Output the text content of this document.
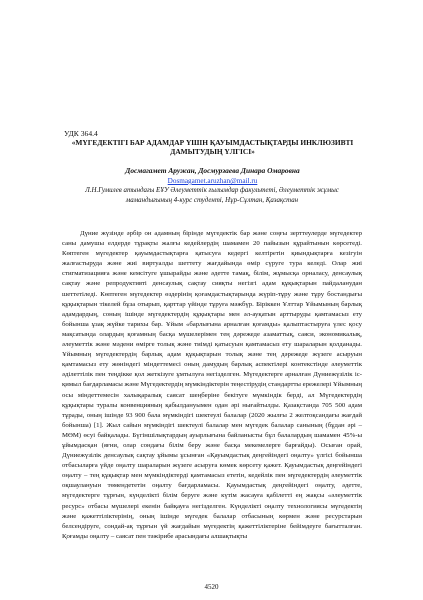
УДК 364.4
«МҮГЕДЕКТІГІ БАР АДАМДАР ҮШІН ҚАУЫМДАСТЫҚТАРДЫ ИНКЛЮЗИВТІ ДАМЫТУДЫҢ ҮЛГІСІ»
Досмагамет Аружан, Досмурзаева Динара Омаровна
Dosmagamet.aruzhan@mail.ru
Л.Н.Гумилев атындағы ЕҰУ Әлеуметтік ғылымдар факультеті, Әлеуметтік жұмыс мамандығының 4-курс студенті, Нұр-Сұлтан, Қазақстан

Дүние жүзінде әрбір он адамның бірінде мүгедектік бар және соңғы зерттеулерде мүгедектер саны дамушы елдерде тұрақты жалғы кедейлердің шамамен 20 пайызын құрайтынын көрсетеді. Көптеген мүгедектер қауымдастықтарға қатысуға кедергі келтіретін қиындықтарға кезігуін жалғастыруда және жиі виртуалды шеттету жағдайында өмір сүруге тура келеді. Олар жиі стигматизацияға және кемсітуге ұшырайды және әдетте тамақ, білім, жұмысқа орналасу, денсаулық сақтау және репродуктивті денсаулық сақтау сияқты негізгі адам құқықтарын пайдаланудан шеттетіледі. Көптеген мүгедектер өздерінің қоғамдастықтарында жүріп-тұру және тұру бостандығы құқықтарын тікелей бұза отырып, қарттар үйінде тұруға мәжбүр. Біріккен Ұлттар Ұйымының барлық адамдардың, соның ішінде мүгедектердің құқықтары мен әл-ауқатын арттыруды қамтамасыз ету бойынша ұзақ жүйке тарихы бар. Ұйым «барлығына арналған қоғамды» қалыптастыруға үлес қосу мақсатында олардың қоғамның басқа мүшелерімен тең дәрежеде азаматтық, саяси, экономикалық, әлеуметтік және мәдени өмірге толық және тиімді қатысуын қамтамасыз ету шараларын қолданады. Ұйымның мүгедектердің барлық адам құқықтарын толық және тең дәрежеде жүзеге асыруын қамтамасыз ету жөніндегі міндеттемесі оның дамудың барлық аспектілері контекстінде әлеуметтік әділеттілік пен теңдікке қол жеткізуге ұмтылуға негізделген. Мүгедектерге арналған Дүниежүзілік іс-қимыл бағдарламасы және Мүгедектердің мүмкіндіктерін теңестірудің стандартты ережелері Ұйымның осы міндеттемесін халықаралық саясат шеңберіне бекітуге мүмкіндік берді, ал Мүгедектердің құқықтары туралы конвенцияның қабылдануымен одан әрі нығайтылды. Қазақстанда 705 500 адам тұрады, оның ішінде 93 900 бала мүмкіндігі шектеулі балалар (2020 жылғы 2 желтоқсандағы жағдай бойынша) [1]. Жыл сайын мүмкіндігі шектеулі балалар мен мүгедек балалар санының (бұдан әрі – МӨМ) өсуі байқалады. Бүгіншілықтардың ауырлығына байланысты бұл балалардың шамамен 45%-ы ұйымдасқан (яғни, олар сондағы білім беру және басқа мекемелерге барғайды). Осыған орай, Дүниежүзілік денсаулық сақтау ұйымы ұсынған «Қауымдастық деңгейіндегі оңалту» үлгісі бойынша отбасыларға үйде оңалту шараларын жүзеге асыруға көмек көрсету қажет. Қауымдастық деңгейіндегі оңалту – тең құқықтар мен мүмкіндіктерді қамтамасыз ететін, кедейлік пен мүгедектердің әлеуметтік оқшаулануын төмендететін оңалту бағдарламасы. Қауымдастық деңгейіндегі оңалту, әдетте, мүгедектерге тұрғын, күнделікті білім беруге және күтім жасауға қабілетті ең жақсы «әлеуметтік ресурс» отбасы мүшелері екенін байқауға негізделген. Күнделікті оңалту технологиясы мүгедектің және қажеттіліктерінің, оның ішінде мүгедек балалар отбасының көрмен және ресурстарын белсендіруге, сондай-ақ тұрғын үй жағдайын мүгедектің қажеттіліктеріне бейімдеуге бағытталған. Қоғамды оңалту – саясат пен тәжірибе арасындағы алшақтықты

4520
